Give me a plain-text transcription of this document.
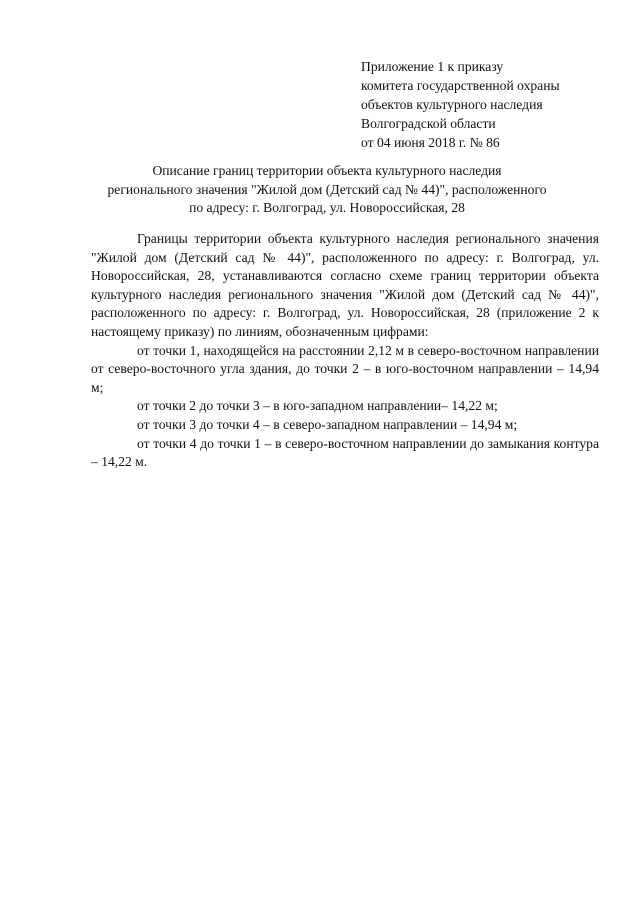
Приложение 1 к приказу
комитета государственной охраны
объектов культурного наследия
Волгоградской области
от 04 июня 2018 г. № 86
Описание границ территории объекта культурного наследия
регионального значения "Жилой дом (Детский сад № 44)", расположенного
по адресу: г. Волгоград, ул. Новороссийская, 28

Границы территории объекта культурного наследия регионального значения "Жилой дом (Детский сад № 44)", расположенного по адресу: г. Волгоград, ул. Новороссийская, 28, устанавливаются согласно схеме границ территории объекта культурного наследия регионального значения "Жилой дом (Детский сад № 44)", расположенного по адресу: г. Волгоград, ул. Новороссийская, 28 (приложение 2 к настоящему приказу) по линиям, обозначенным цифрами:

от точки 1, находящейся на расстоянии 2,12 м в северо-восточном направлении от северо-восточного угла здания, до точки 2 – в юго-восточном направлении – 14,94 м;

от точки 2 до точки 3 – в юго-западном направлении– 14,22 м;

от точки 3 до точки 4 – в северо-западном направлении – 14,94 м;

от точки 4 до точки 1 – в северо-восточном направлении до замыкания контура – 14,22 м.
